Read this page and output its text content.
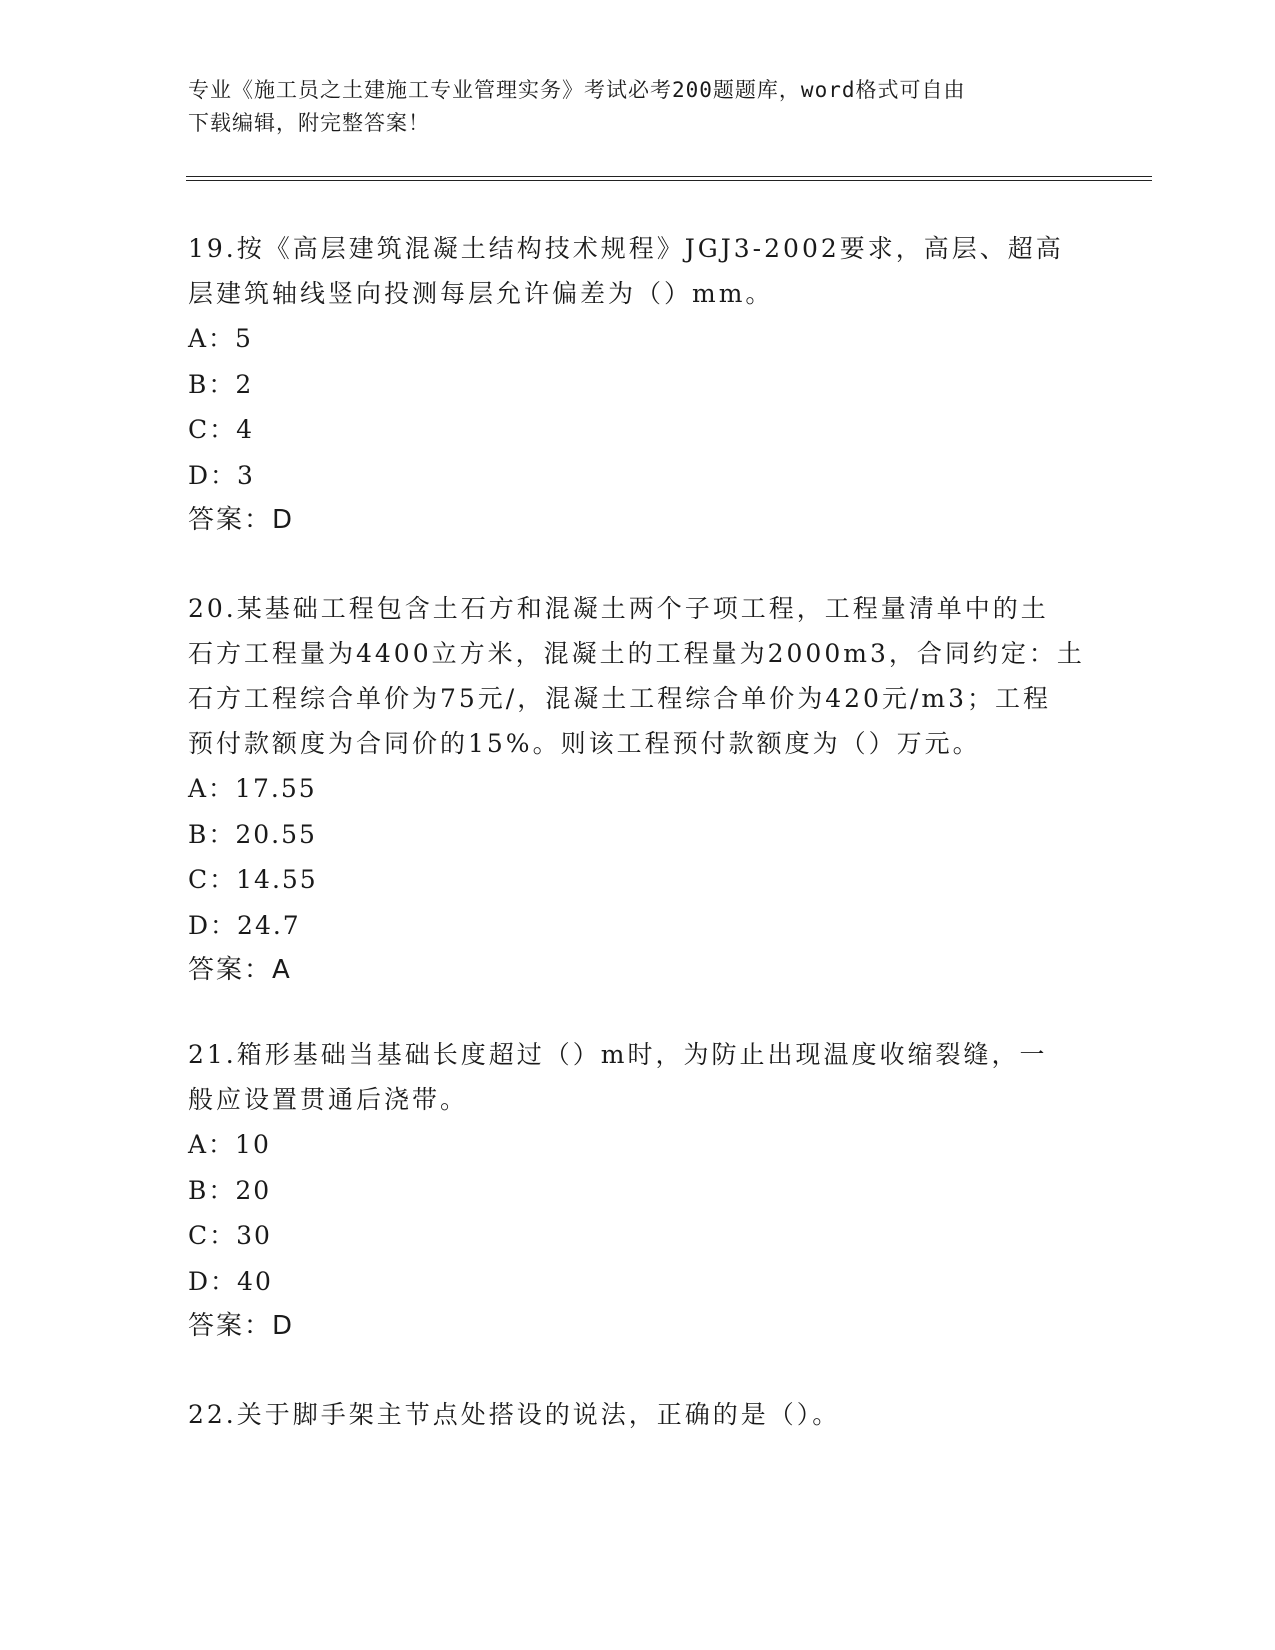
专业《施工员之土建施工专业管理实务》考试必考200题题库，word格式可自由
下载编辑，附完整答案！

19.按《高层建筑混凝土结构技术规程》JGJ3-2002要求，高层、超高

层建筑轴线竖向投测每层允许偏差为（）mm。

A：5

B：2

C：4

D：3

答案：D

20.某基础工程包含土石方和混凝土两个子项工程，工程量清单中的土

石方工程量为4400立方米，混凝土的工程量为2000m3，合同约定：土

石方工程综合单价为75元/，混凝土工程综合单价为420元/m3；工程

预付款额度为合同价的15%。则该工程预付款额度为（）万元。

A：17.55

B：20.55

C：14.55

D：24.7

答案：A

21.箱形基础当基础长度超过（）m时，为防止出现温度收缩裂缝，一

般应设置贯通后浇带。

A：10

B：20

C：30

D：40

答案：D

22.关于脚手架主节点处搭设的说法，正确的是（）。
